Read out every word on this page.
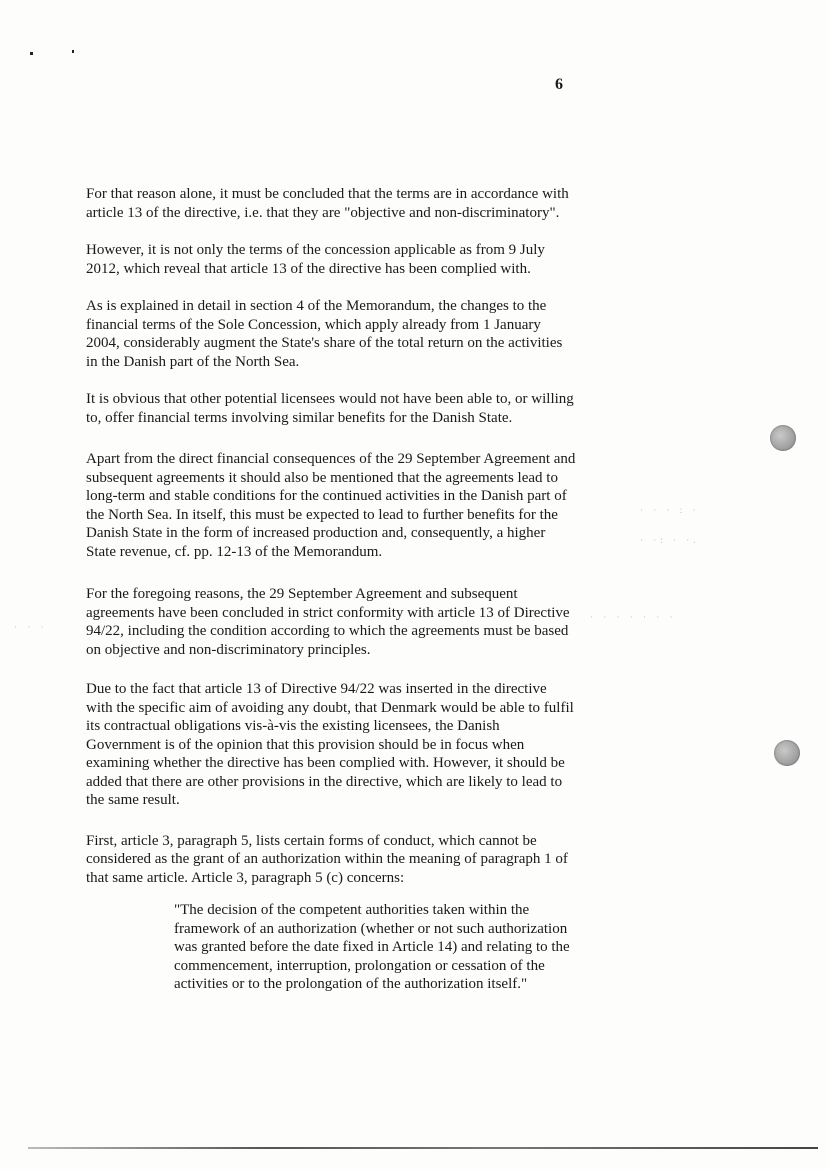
6
· · · : ·
· ·: · ·.
· · · · · · ·
· · ·

For that reason alone, it must be concluded that the terms are in accordance with article 13 of the directive, i.e. that they are "objective and non-discriminatory".

However, it is not only the terms of the concession applicable as from 9 July 2012, which reveal that article 13 of the directive has been complied with.

As is explained in detail in section 4 of the Memorandum, the changes to the financial terms of the Sole Concession, which apply already from 1 January 2004, considerably augment the State's share of the total return on the activities in the Danish part of the North Sea.

It is obvious that other potential licensees would not have been able to, or willing to, offer financial terms involving similar benefits for the Danish State.

Apart from the direct financial consequences of the 29 September Agreement and subsequent agreements it should also be mentioned that the agreements lead to long-term and stable conditions for the continued activities in the Danish part of the North Sea. In itself, this must be expected to lead to further benefits for the Danish State in the form of increased production and, consequently, a higher State revenue, cf. pp. 12-13 of the Memorandum.

For the foregoing reasons, the 29 September Agreement and subsequent agreements have been concluded in strict conformity with article 13 of Directive 94/22, including the condition according to which the agreements must be based on objective and non-discriminatory principles.

Due to the fact that article 13 of Directive 94/22 was inserted in the directive with the specific aim of avoiding any doubt, that Denmark would be able to fulfil its contractual obligations vis-à-vis the existing licensees, the Danish Government is of the opinion that this provision should be in focus when examining whether the directive has been complied with. However, it should be added that there are other provisions in the directive, which are likely to lead to the same result.

First, article 3, paragraph 5, lists certain forms of conduct, which cannot be considered as the grant of an authorization within the meaning of paragraph 1 of that same article. Article 3, paragraph 5 (c) concerns:

"The decision of the competent authorities taken within the framework of an authorization (whether or not such authorization was granted before the date fixed in Article 14) and relating to the commencement, interruption, prolongation or cessation of the activities or to the prolongation of the authorization itself."
